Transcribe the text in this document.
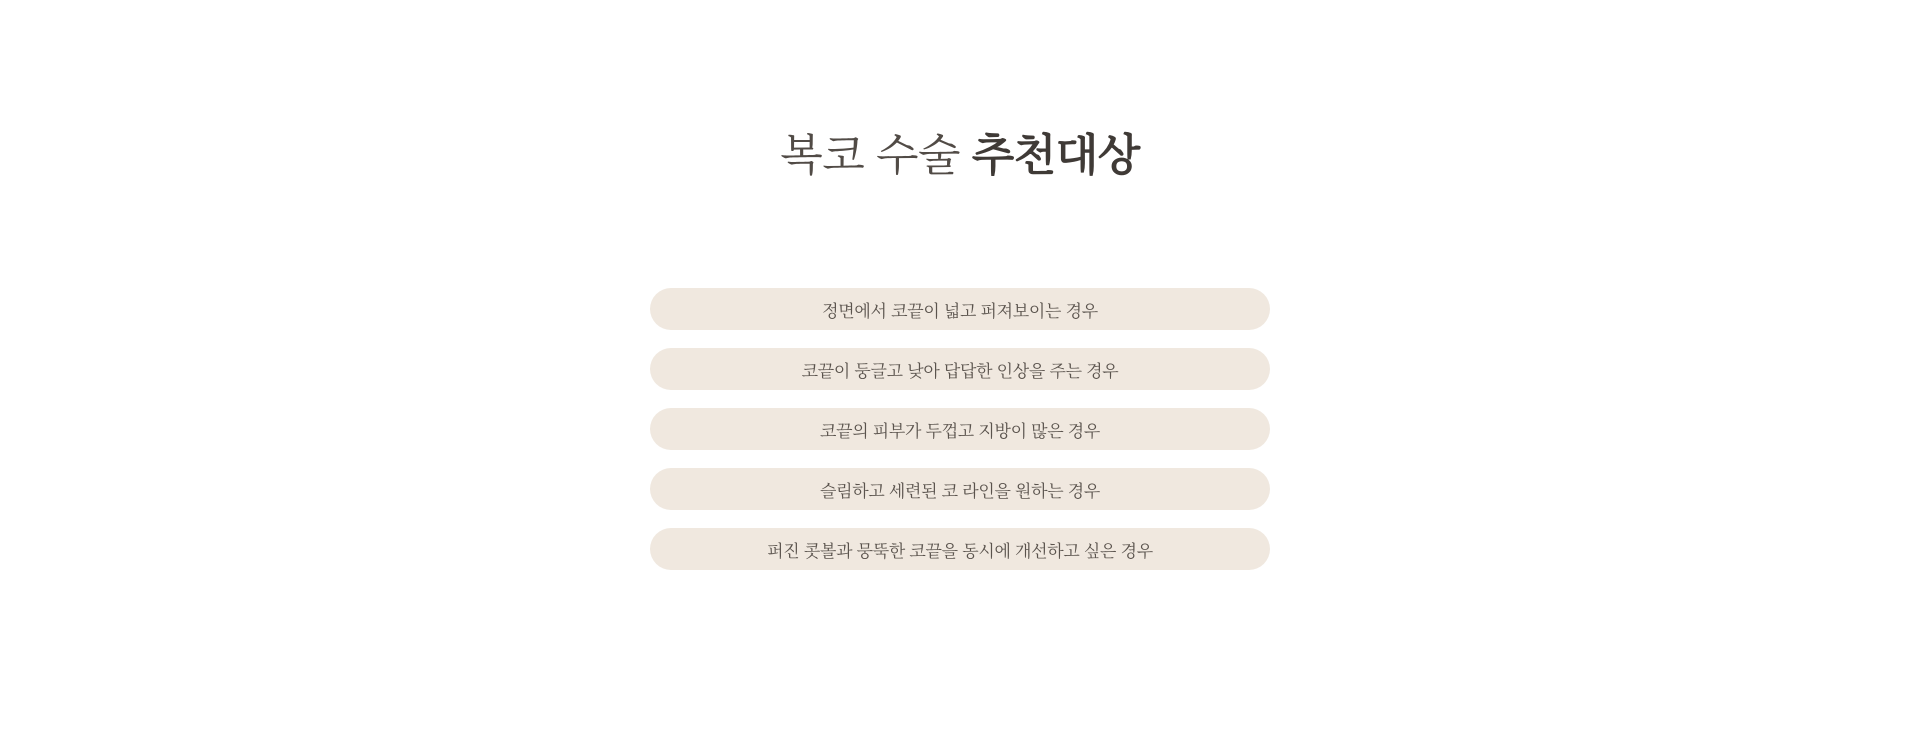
복코 수술 추천대상
정면에서 코끝이 넓고 퍼져보이는 경우
코끝이 둥글고 낮아 답답한 인상을 주는 경우
코끝의 피부가 두껍고 지방이 많은 경우
슬림하고 세련된 코 라인을 원하는 경우
퍼진 콧볼과 뭉뚝한 코끝을 동시에 개선하고 싶은 경우
